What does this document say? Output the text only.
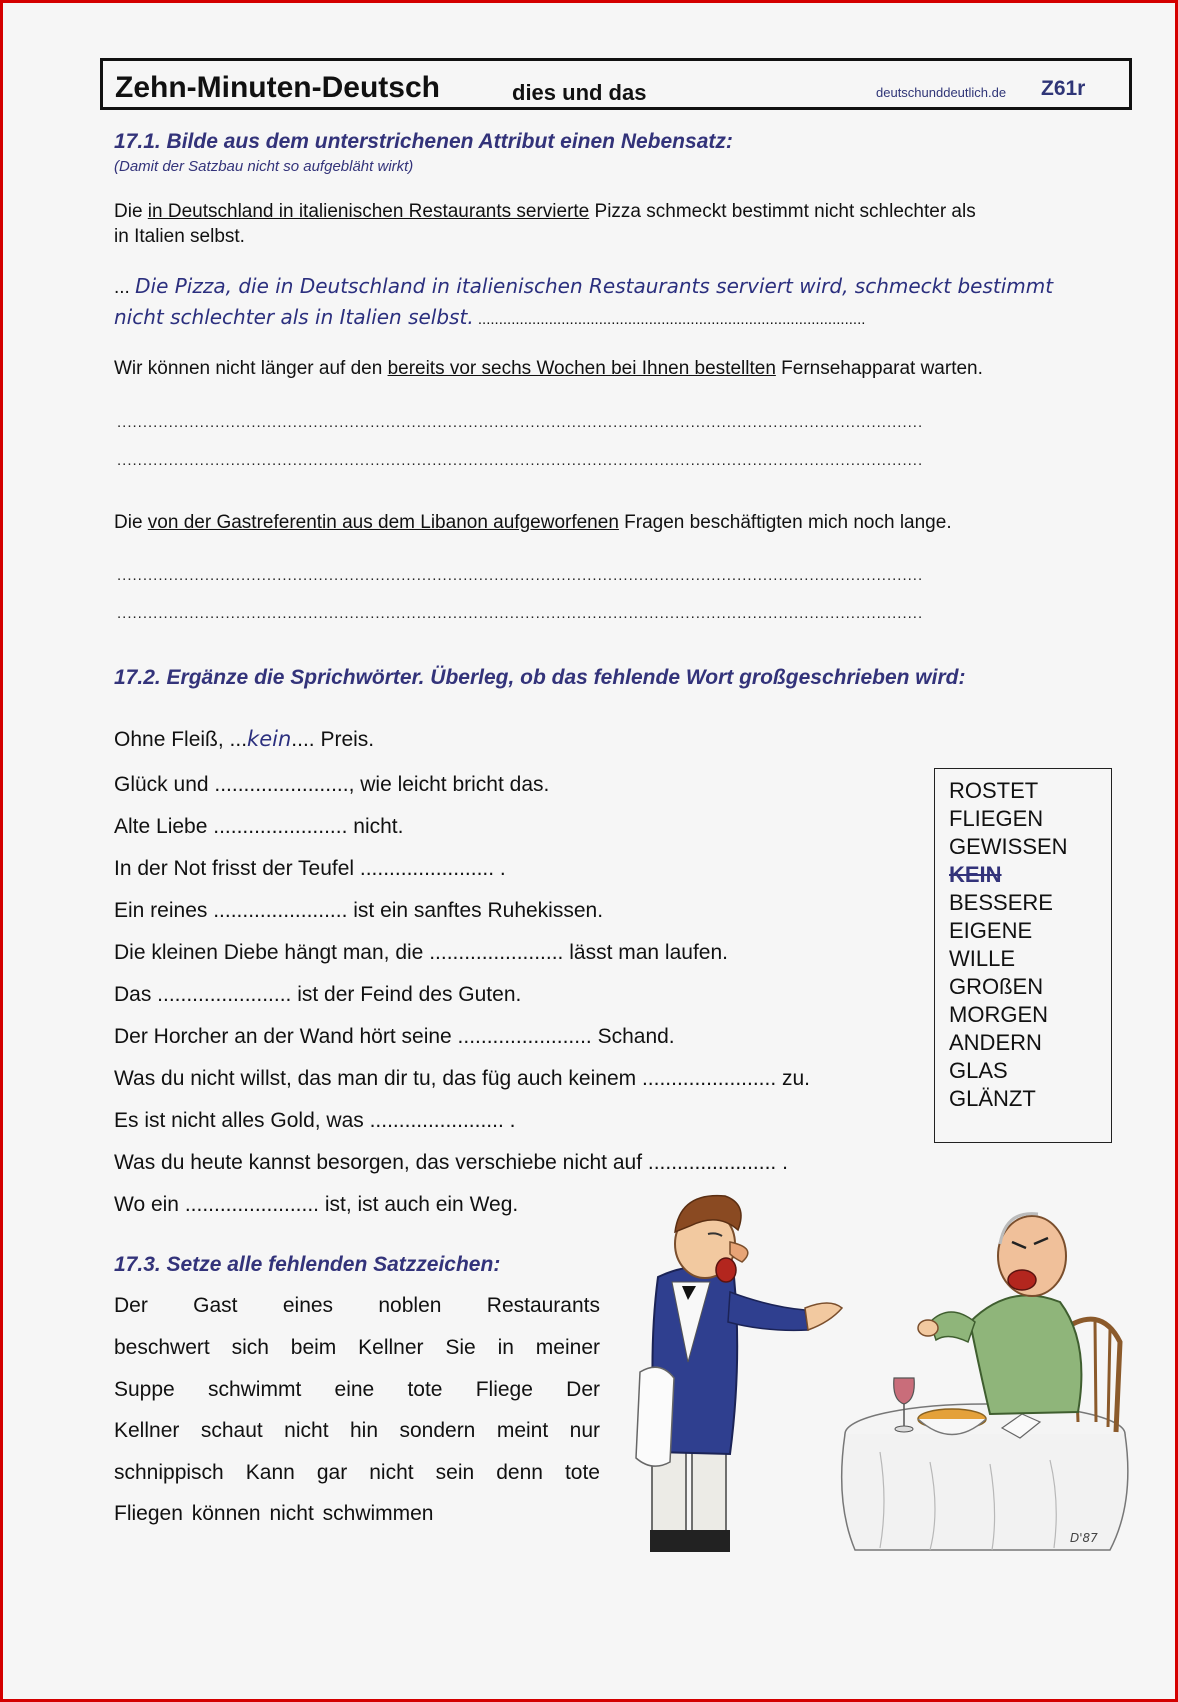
Zehn-Minuten-Deutsch	dies und das	deutschunddeutlich.de Z61r
17.1. Bilde aus dem unterstrichenen Attribut einen Nebensatz:
(Damit der Satzbau nicht so aufgebläht wirkt)
Die in Deutschland in italienischen Restaurants servierte Pizza schmeckt bestimmt nicht schlechter als
in Italien selbst.
... Die Pizza, die in Deutschland in italienischen Restaurants serviert wird, schmeckt bestimmt
nicht schlechter als in Italien selbst. .............................................................................................
Wir können nicht länger auf den bereits vor sechs Wochen bei Ihnen bestellten Fernsehapparat warten.
............................................................................................................................................................
............................................................................................................................................................
Die von der Gastreferentin aus dem Libanon aufgeworfenen Fragen beschäftigten mich noch lange.
............................................................................................................................................................
............................................................................................................................................................
17.2. Ergänze die Sprichwörter. Überleg, ob das fehlende Wort großgeschrieben wird:
Ohne Fleiß, ...kein.... Preis.
Glück und ......................., wie leicht bricht das.
Alte Liebe ....................... nicht.
In der Not frisst der Teufel ....................... .
Ein reines ....................... ist ein sanftes Ruhekissen.
Die kleinen Diebe hängt man, die ....................... lässt man laufen.
Das ....................... ist der Feind des Guten.
Der Horcher an der Wand hört seine ....................... Schand.
Was du nicht willst, das man dir tu, das füg auch keinem ....................... zu.
Es ist nicht alles Gold, was ....................... .
Was du heute kannst besorgen, das verschiebe nicht auf ...................... .
Wo ein ....................... ist, ist auch ein Weg.
ROSTET
FLIEGEN
GEWISSEN
KEIN
BESSERE
EIGENE
WILLE
GROßEN
MORGEN
ANDERN
GLAS
GLÄNZT
17.3. Setze alle fehlenden Satzzeichen:
Der Gast eines noblen Restaurants
beschwert sich beim Kellner Sie in meiner
Suppe schwimmt eine tote Fliege Der
Kellner schaut nicht hin sondern meint nur
schnippisch Kann gar nicht sein denn tote
Fliegen können nicht schwimmen
D'87
